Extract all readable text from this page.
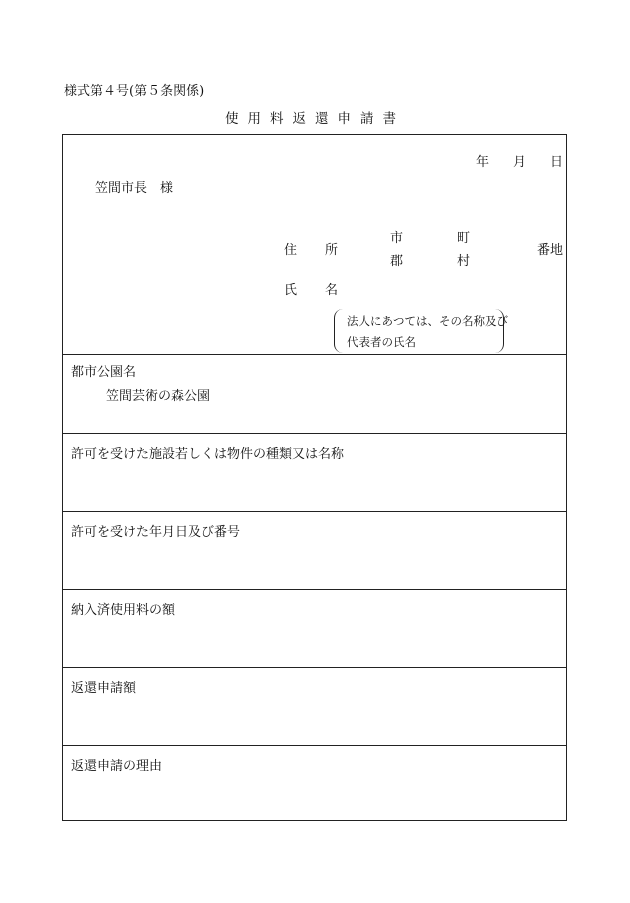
様式第４号(第５条関係)
使用料返還申請書
年 月 日
笠間市長　様
住所
市
郡
町
村
番地
氏名
法人にあつては、その名称及び
代表者の氏名
都市公園名
笠間芸術の森公園
許可を受けた施設若しくは物件の種類又は名称
許可を受けた年月日及び番号
納入済使用料の額
返還申請額
返還申請の理由
